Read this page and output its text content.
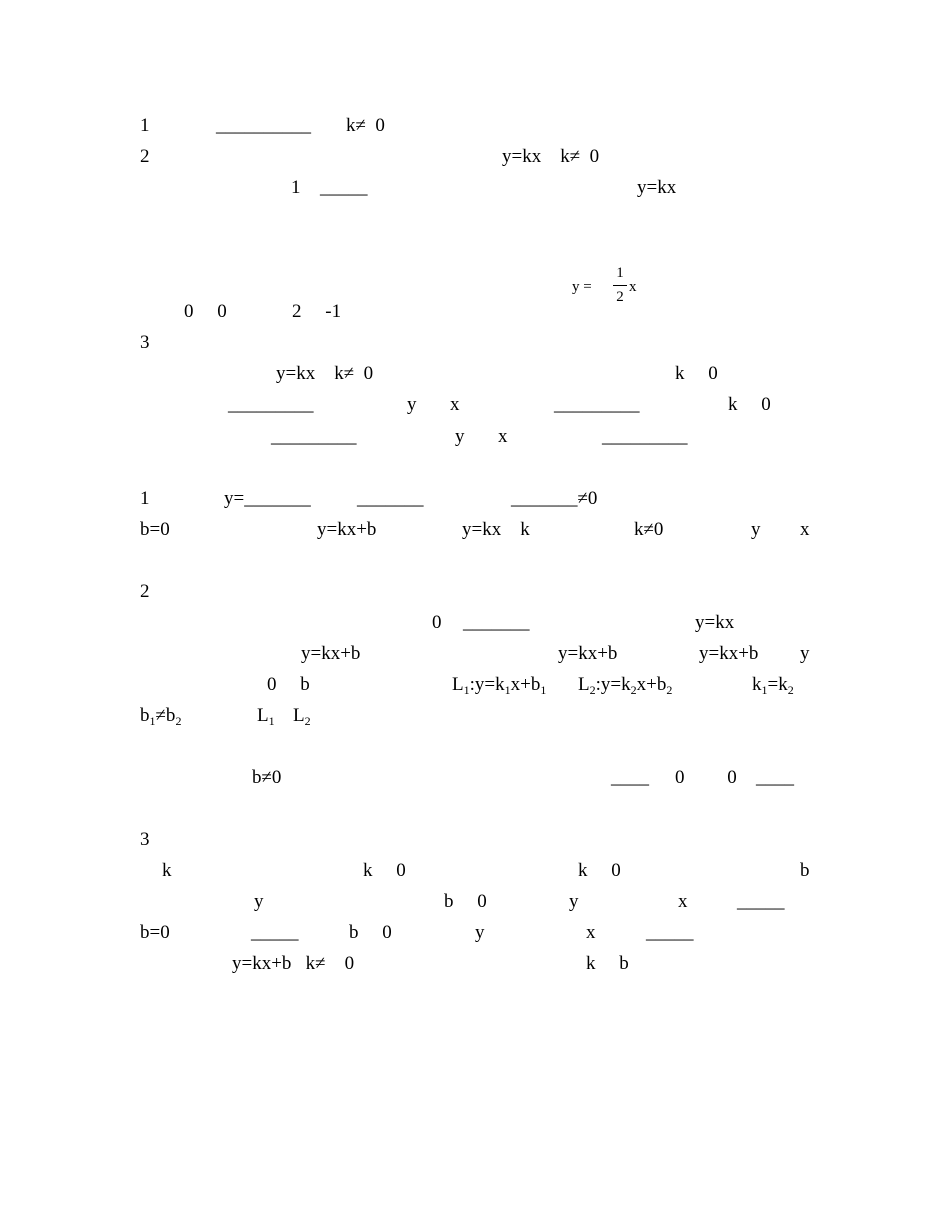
1	__________ k≠  0
2	y=kx    k≠  0
1 _____	y=kx
y =
1
2
x
0     0	2     -1
3
y=kx    k≠  0	k     0
_________	y x	_________	k     0
_________	y x	_________
1	y=_______ _______	_______≠0
b=0	y=kx+b	y=kx    k	k≠0	y x
2
0 _______	y=kx
y=kx+b	y=kx+b	y=kx+b y
0     b	$L_1:y=k_1x+b_1$ $L_2:y=k_2x+b_2$	$k_1=k_2$
$b_1\ne b_2$	$L_1$ $L_2$
b≠0	____ 0         0 ____
3
k	k     0	k     0	b
y	b     0	y	x	_____
b=0	_____	b     0	y	x	_____
y=kx+b   k≠    0	k     b
